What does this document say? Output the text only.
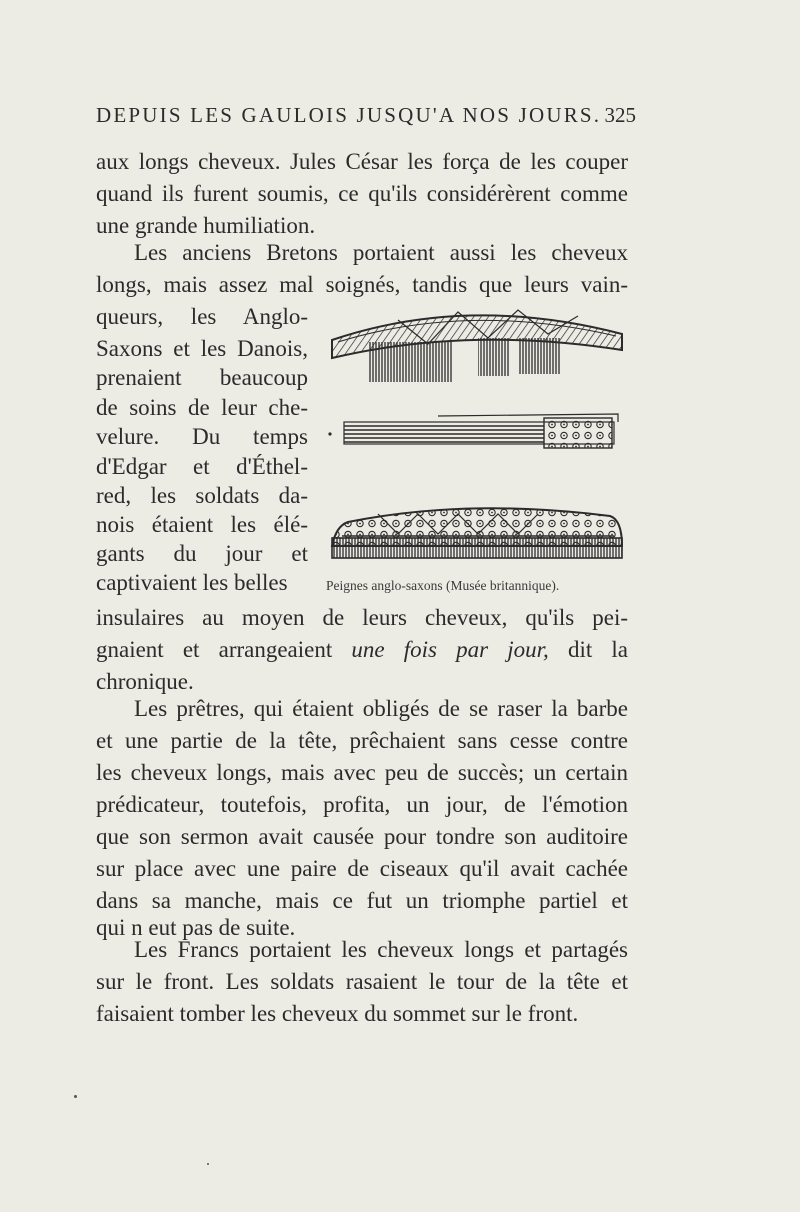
DEPUIS LES GAULOIS JUSQU'A NOS JOURS. 325
aux longs cheveux. Jules César les força de les couper
quand ils furent soumis, ce qu'ils considérèrent comme
une grande humiliation.
Les anciens Bretons portaient aussi les cheveux
longs, mais assez mal soignés, tandis que leurs vain-
queurs, les Anglo-
Saxons et les Danois,
prenaient beaucoup
de soins de leur che-
velure. Du temps
d'Edgar et d'Éthel-
red, les soldats da-
nois étaient les élé-
gants du jour et
captivaient les belles
insulaires au moyen de leurs cheveux, qu'ils pei-
gnaient et arrangeaient une fois par jour, dit la
chronique.
Les prêtres, qui étaient obligés de se raser la barbe
et une partie de la tête, prêchaient sans cesse contre
les cheveux longs, mais avec peu de succès; un certain
prédicateur, toutefois, profita, un jour, de l'émotion
que son sermon avait causée pour tondre son auditoire
sur place avec une paire de ciseaux qu'il avait cachée
dans sa manche, mais ce fut un triomphe partiel et
qui n eut pas de suite.
Les Francs portaient les cheveux longs et partagés
sur le front. Les soldats rasaient le tour de la tête et
faisaient tomber les cheveux du sommet sur le front.
Peignes anglo-saxons (Musée britannique).
